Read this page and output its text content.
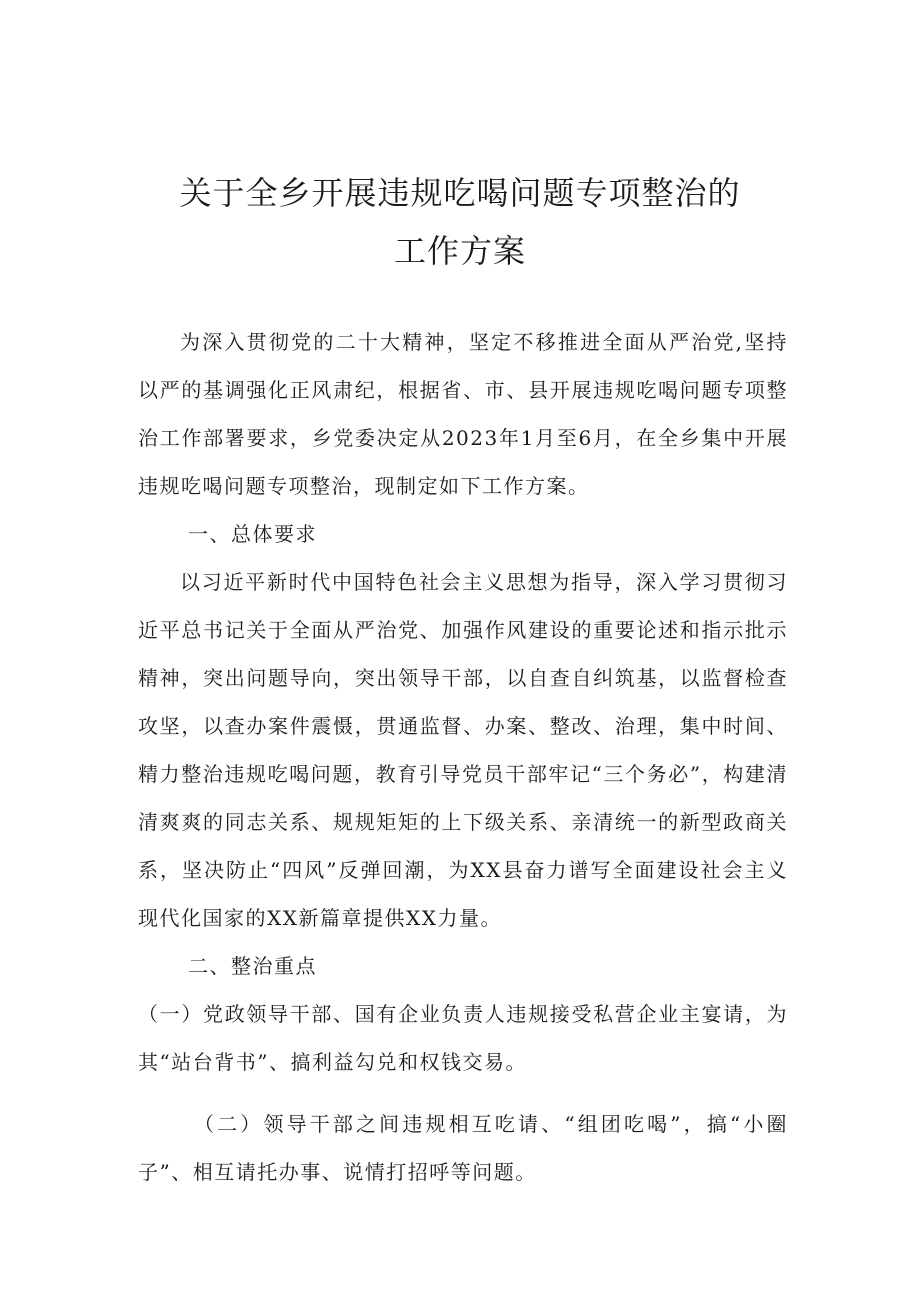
关于全乡开展违规吃喝问题专项整治的
工作方案

为深入贯彻党的二十大精神，坚定不移推进全面从严治党,坚持以严的基调强化正风肃纪，根据省、市、县开展违规吃喝问题专项整治工作部署要求，乡党委决定从2023年1月至6月，在全乡集中开展违规吃喝问题专项整治，现制定如下工作方案。

一、总体要求

以习近平新时代中国特色社会主义思想为指导，深入学习贯彻习近平总书记关于全面从严治党、加强作风建设的重要论述和指示批示精神，突出问题导向，突出领导干部，以自查自纠筑基，以监督检查攻坚，以查办案件震慑，贯通监督、办案、整改、治理，集中时间、精力整治违规吃喝问题，教育引导党员干部牢记“三个务必”，构建清清爽爽的同志关系、规规矩矩的上下级关系、亲清统一的新型政商关系，坚决防止“四风”反弹回潮，为XX县奋力谱写全面建设社会主义现代化国家的XX新篇章提供XX力量。

二、整治重点

（一）党政领导干部、国有企业负责人违规接受私营企业主宴请，为其“站台背书”、搞利益勾兑和权钱交易。

（二）领导干部之间违规相互吃请、“组团吃喝”，搞“小圈子”、相互请托办事、说情打招呼等问题。
